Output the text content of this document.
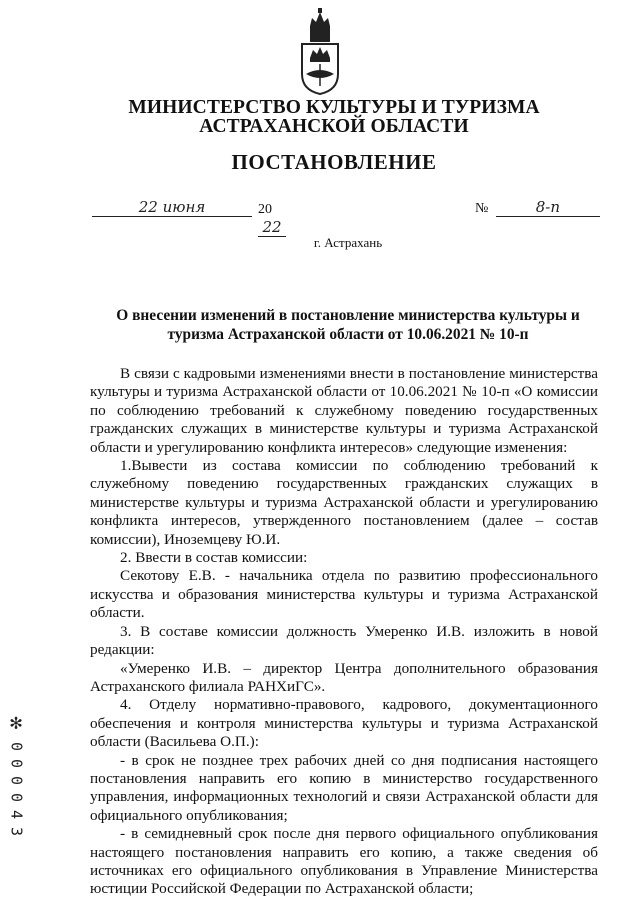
МИНИСТЕРСТВО КУЛЬТУРЫ И ТУРИЗМА
АСТРАХАНСКОЙ ОБЛАСТИ
ПОСТАНОВЛЕНИЕ
22 июня	2022
№	8-п
г. Астрахань
О внесении изменений в постановление министерства культуры и
туризма Астраханской области от 10.06.2021 № 10-п

В связи с кадровыми изменениями внести в постановление министерства культуры и туризма Астраханской области от 10.06.2021 № 10-п «О комиссии по соблюдению требований к служебному поведению государственных гражданских служащих в министерстве культуры и туризма Астраханской области и урегулированию конфликта интересов» следующие изменения:

1.Вывести из состава комиссии по соблюдению требований к служебному поведению государственных гражданских служащих в министерстве культуры и туризма Астраханской области и урегулированию конфликта интересов, утвержденного постановлением (далее – состав комиссии), Иноземцеву Ю.И.

2. Ввести в состав комиссии:

Секотову Е.В. - начальника отдела по развитию профессионального искусства и образования министерства культуры и туризма Астраханской области.

3. В составе комиссии должность Умеренко И.В. изложить в новой редакции:

«Умеренко И.В. – директор Центра дополнительного образования Астраханского филиала РАНХиГС».

4. Отделу нормативно-правового, кадрового, документационного обеспечения и контроля министерства культуры и туризма Астраханской области (Васильева О.П.):

- в срок не позднее трех рабочих дней со дня подписания настоящего постановления направить его копию в министерство государственного управления, информационных технологий и связи Астраханской области для официального опубликования;

- в семидневный срок после дня первого официального опубликования настоящего постановления направить его копию, а также сведения об источниках его официального опубликования в Управление Министерства юстиции Российской Федерации по Астраханской области;

✻
0
0
0
0
4
3
